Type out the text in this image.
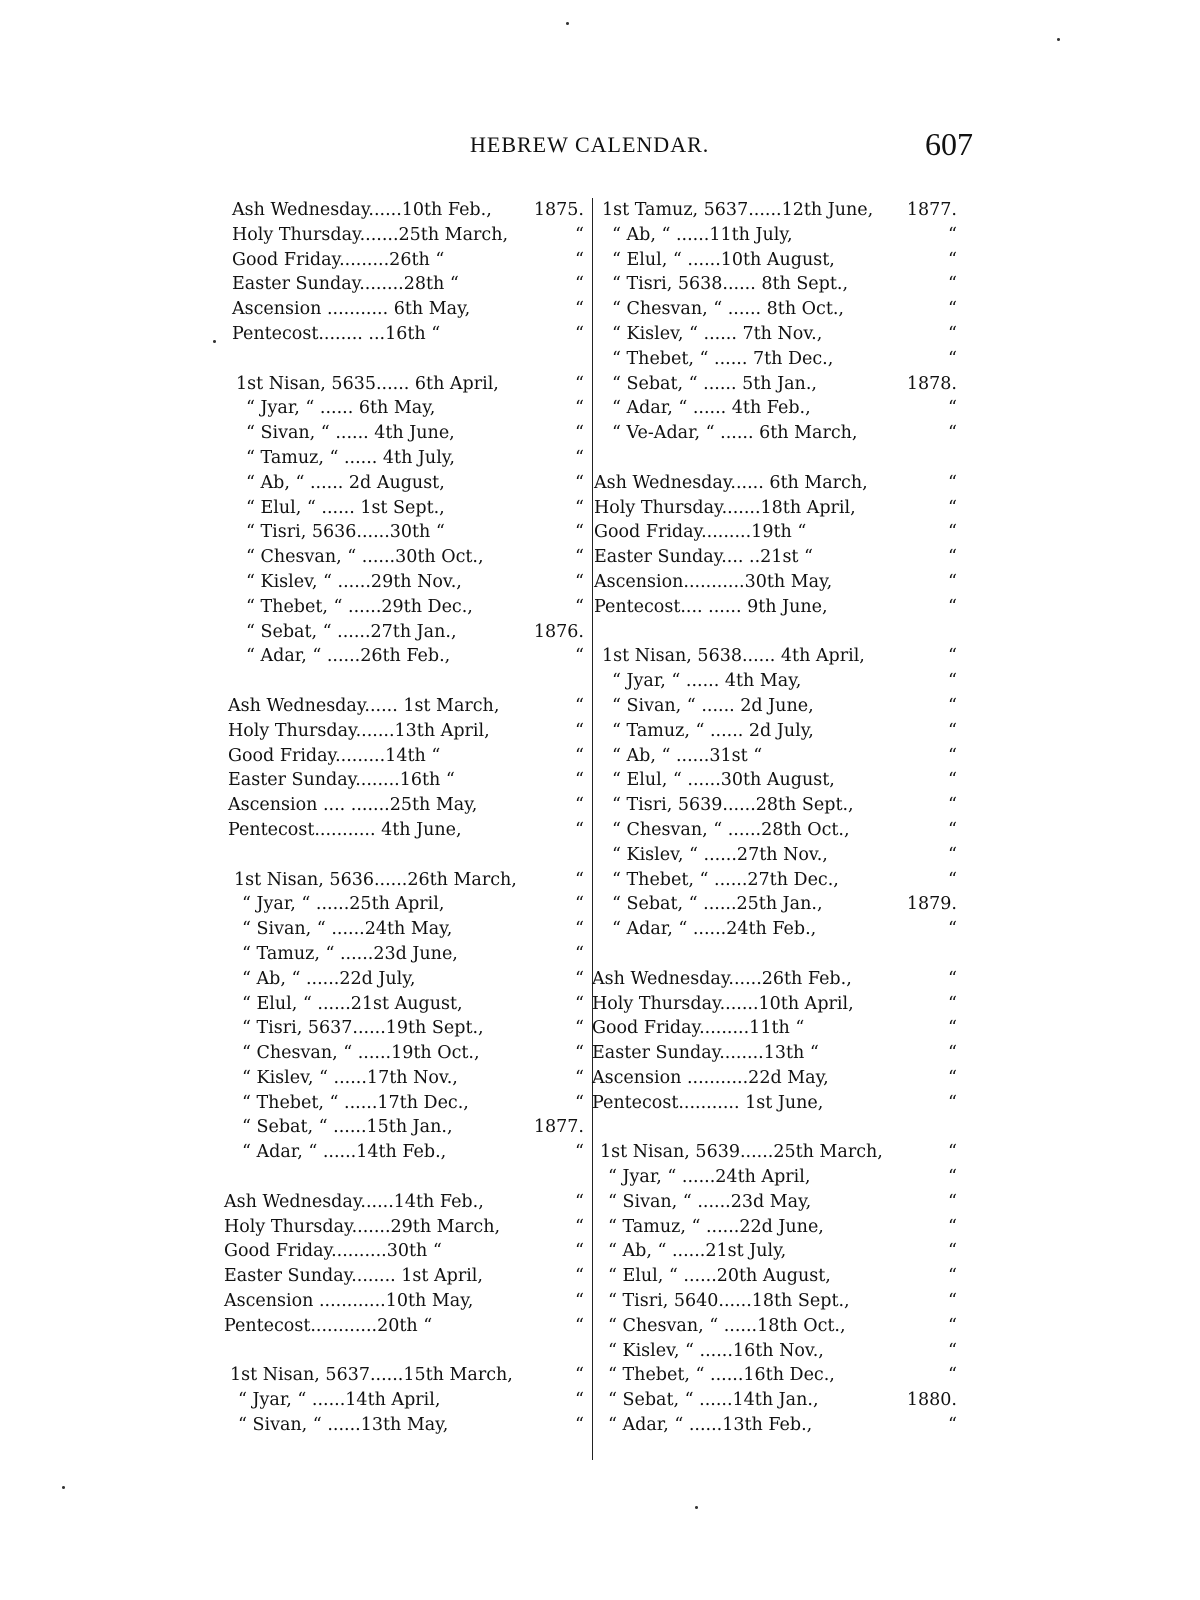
HEBREW CALENDAR.	607
Ash Wednesday......10th Feb.,	1875.
Holy Thursday.......25th March,	“
Good Friday.........26th “	“
Easter Sunday........28th “	“
Ascension ........... 6th May,	“
Pentecost........ ...16th “	“
1st Nisan, 5635...... 6th April,	“
“ Jyar, “ ...... 6th May,	“
“ Sivan, “ ...... 4th June,	“
“ Tamuz, “ ...... 4th July,	“
“ Ab, “ ...... 2d August,	“
“ Elul, “ ...... 1st Sept.,	“
“ Tisri, 5636......30th “	“
“ Chesvan, “ ......30th Oct.,	“
“ Kislev, “ ......29th Nov.,	“
“ Thebet, “ ......29th Dec.,	“
“ Sebat, “ ......27th Jan.,	1876.
“ Adar, “ ......26th Feb.,	“
Ash Wednesday...... 1st March,	“
Holy Thursday.......13th April,	“
Good Friday.........14th “	“
Easter Sunday........16th “	“
Ascension .... .......25th May,	“
Pentecost........... 4th June,	“
1st Nisan, 5636......26th March,	“
“ Jyar, “ ......25th April,	“
“ Sivan, “ ......24th May,	“
“ Tamuz, “ ......23d June,	“
“ Ab, “ ......22d July,	“
“ Elul, “ ......21st August,	“
“ Tisri, 5637......19th Sept.,	“
“ Chesvan, “ ......19th Oct.,	“
“ Kislev, “ ......17th Nov.,	“
“ Thebet, “ ......17th Dec.,	“
“ Sebat, “ ......15th Jan.,	1877.
“ Adar, “ ......14th Feb.,	“
Ash Wednesday......14th Feb.,	“
Holy Thursday.......29th March,	“
Good Friday..........30th “	“
Easter Sunday........ 1st April,	“
Ascension ............10th May,	“
Pentecost............20th “	“
1st Nisan, 5637......15th March,	“
“ Jyar, “ ......14th April,	“
“ Sivan, “ ......13th May,	“
1st Tamuz, 5637......12th June,	1877.
“ Ab, “ ......11th July,	“
“ Elul, “ ......10th August,	“
“ Tisri, 5638...... 8th Sept.,	“
“ Chesvan, “ ...... 8th Oct.,	“
“ Kislev, “ ...... 7th Nov.,	“
“ Thebet, “ ...... 7th Dec.,	“
“ Sebat, “ ...... 5th Jan.,	1878.
“ Adar, “ ...... 4th Feb.,	“
“ Ve-Adar, “ ...... 6th March,	“
Ash Wednesday...... 6th March,	“
Holy Thursday.......18th April,	“
Good Friday.........19th “	“
Easter Sunday.... ..21st “	“
Ascension...........30th May,	“
Pentecost.... ...... 9th June,	“
1st Nisan, 5638...... 4th April,	“
“ Jyar, “ ...... 4th May,	“
“ Sivan, “ ...... 2d June,	“
“ Tamuz, “ ...... 2d July,	“
“ Ab, “ ......31st “	“
“ Elul, “ ......30th August,	“
“ Tisri, 5639......28th Sept.,	“
“ Chesvan, “ ......28th Oct.,	“
“ Kislev, “ ......27th Nov.,	“
“ Thebet, “ ......27th Dec.,	“
“ Sebat, “ ......25th Jan.,	1879.
“ Adar, “ ......24th Feb.,	“
Ash Wednesday......26th Feb.,	“
Holy Thursday.......10th April,	“
Good Friday.........11th “	“
Easter Sunday........13th “	“
Ascension ...........22d May,	“
Pentecost........... 1st June,	“
1st Nisan, 5639......25th March,	“
“ Jyar, “ ......24th April,	“
“ Sivan, “ ......23d May,	“
“ Tamuz, “ ......22d June,	“
“ Ab, “ ......21st July,	“
“ Elul, “ ......20th August,	“
“ Tisri, 5640......18th Sept.,	“
“ Chesvan, “ ......18th Oct.,	“
“ Kislev, “ ......16th Nov.,	“
“ Thebet, “ ......16th Dec.,	“
“ Sebat, “ ......14th Jan.,	1880.
“ Adar, “ ......13th Feb.,	“
